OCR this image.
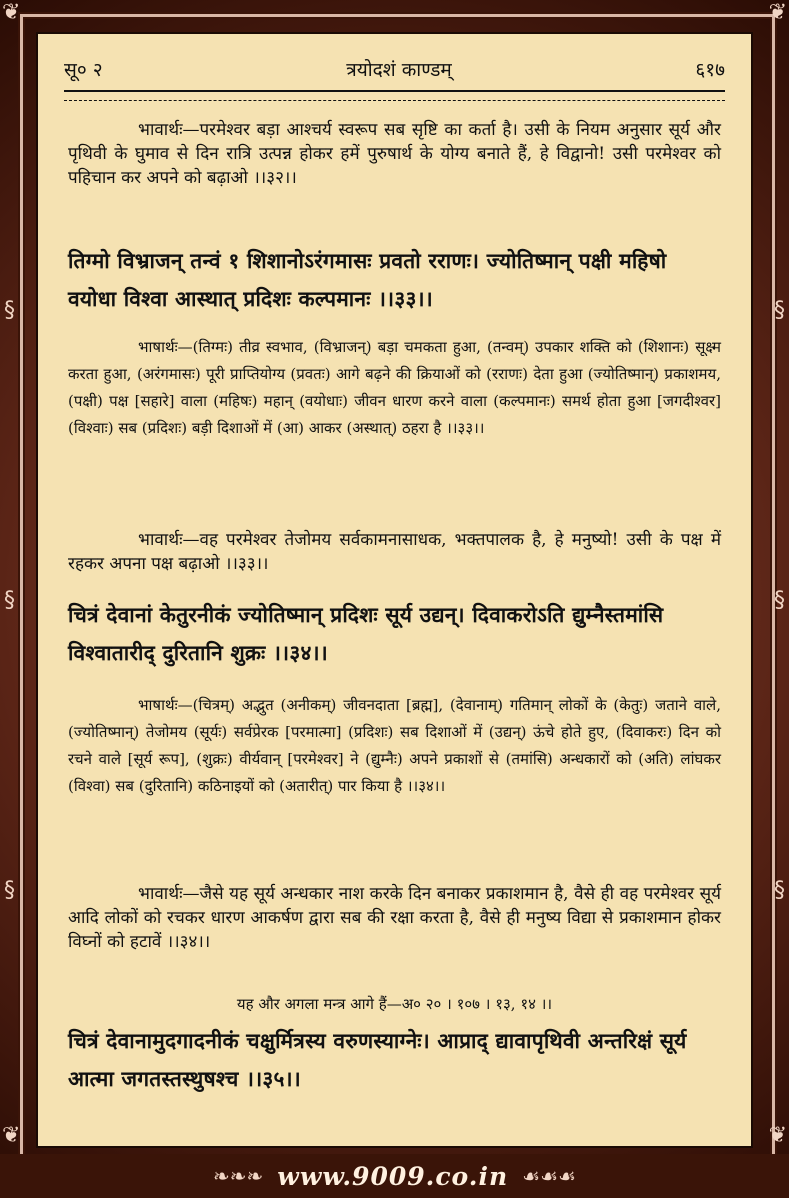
❦	❦
❦	❦
§
§
§
§
§
§
सू० २	त्रयोदशं काण्डम्	६१७
भावार्थः—परमेश्वर बड़ा आश्चर्य स्वरूप सब सृष्टि का कर्ता है। उसी के नियम अनुसार सूर्य और पृथिवी के घुमाव से दिन रात्रि उत्पन्न होकर हमें पुरुषार्थ के योग्य बनाते हैं, हे विद्वानो! उसी परमेश्वर को पहिचान कर अपने को बढ़ाओ ।।३२।।
तिग्मो विभ्राजन् तन्वं १ शिशानोऽरंगमासः प्रवतो रराणः। ज्योतिष्मान् पक्षी महिषो वयोधा विश्वा आस्थात् प्रदिशः कल्पमानः ।।३३।।
भाषार्थः—(तिग्मः) तीव्र स्वभाव, (विभ्राजन्) बड़ा चमकता हुआ, (तन्वम्) उपकार शक्ति को (शिशानः) सूक्ष्म करता हुआ, (अरंगमासः) पूरी प्राप्तियोग्य (प्रवतः) आगे बढ़ने की क्रियाओं को (रराणः) देता हुआ (ज्योतिष्मान्) प्रकाशमय, (पक्षी) पक्ष [सहारे] वाला (महिषः) महान् (वयोधाः) जीवन धारण करने वाला (कल्पमानः) समर्थ होता हुआ [जगदीश्वर] (विश्वाः) सब (प्रदिशः) बड़ी दिशाओं में (आ) आकर (अस्थात्) ठहरा है ।।३३।।
भावार्थः—वह परमेश्वर तेजोमय सर्वकामनासाधक, भक्तपालक है, हे मनुष्यो! उसी के पक्ष में रहकर अपना पक्ष बढ़ाओ ।।३३।।
चित्रं देवानां केतुरनीकं ज्योतिष्मान् प्रदिशः सूर्य उद्यन्। दिवाकरोऽति द्युम्नैस्तमांसि विश्वातारीद् दुरितानि शुक्रः ।।३४।।
भाषार्थः—(चित्रम्) अद्भुत (अनीकम्) जीवनदाता [ब्रह्म], (देवानाम्) गतिमान् लोकों के (केतुः) जताने वाले, (ज्योतिष्मान्) तेजोमय (सूर्यः) सर्वप्रेरक [परमात्मा] (प्रदिशः) सब दिशाओं में (उद्यन्) ऊंचे होते हुए, (दिवाकरः) दिन को रचने वाले [सूर्य रूप], (शुक्रः) वीर्यवान् [परमेश्वर] ने (द्युम्नैः) अपने प्रकाशों से (तमांसि) अन्धकारों को (अति) लांघकर (विश्वा) सब (दुरितानि) कठिनाइयों को (अतारीत्) पार किया है ।।३४।।
भावार्थः—जैसे यह सूर्य अन्धकार नाश करके दिन बनाकर प्रकाशमान है, वैसे ही वह परमेश्वर सूर्य आदि लोकों को रचकर धारण आकर्षण द्वारा सब की रक्षा करता है, वैसे ही मनुष्य विद्या से प्रकाशमान होकर विघ्नों को हटावें ।।३४।।
यह और अगला मन्त्र आगे हैं—अ० २० । १०७ । १३, १४ ।।
चित्रं देवानामुदगादनीकं चक्षुर्मित्रस्य वरुणस्याग्नेः। आप्राद् द्यावापृथिवी अन्तरिक्षं सूर्य आत्मा जगतस्तस्थुषश्च ।।३५।।
❧❧❧ www.9009.co.in ☙☙☙
